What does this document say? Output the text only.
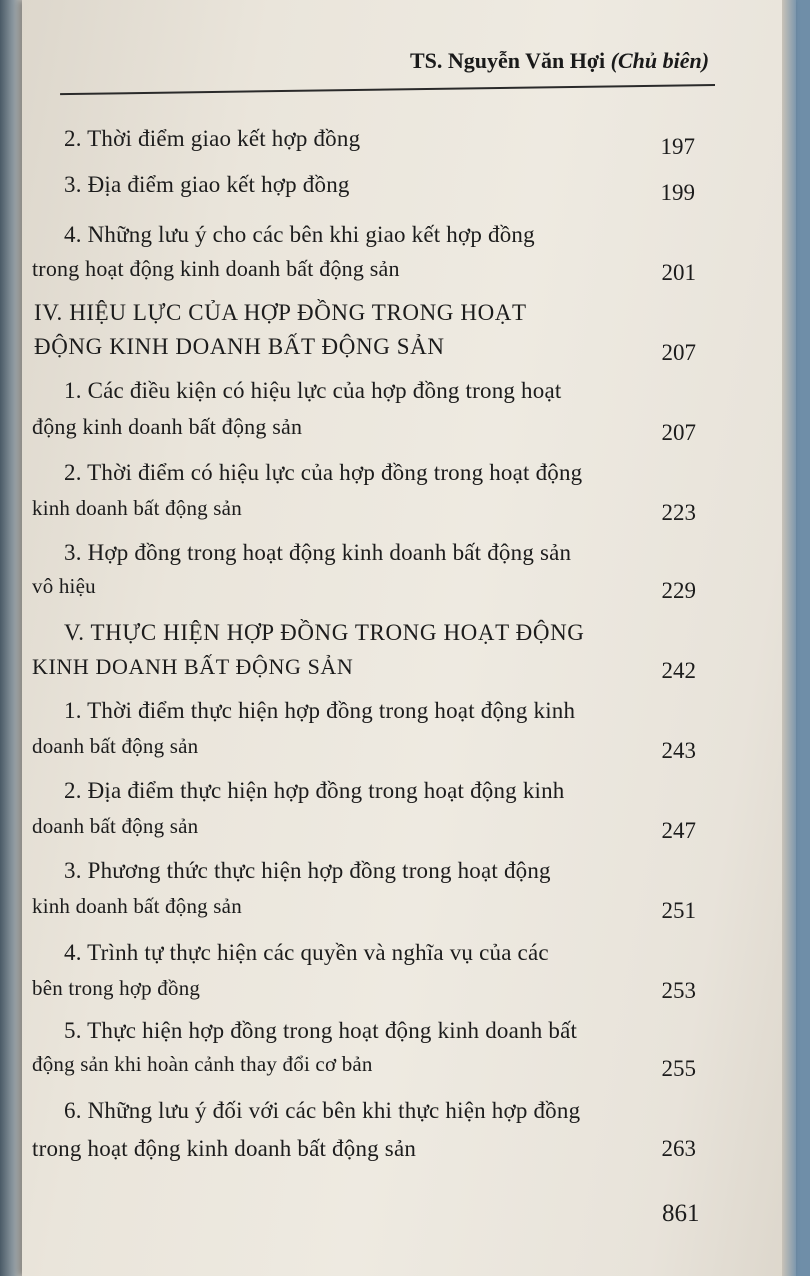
TS. Nguyễn Văn Hợi (Chủ biên)
2. Thời điểm giao kết hợp đồng	197
3. Địa điểm giao kết hợp đồng	199
4. Những lưu ý cho các bên khi giao kết hợp đồng
trong hoạt động kinh doanh bất động sản	201
IV. HIỆU LỰC CỦA HỢP ĐỒNG TRONG HOẠT
ĐỘNG KINH DOANH BẤT ĐỘNG SẢN	207
1. Các điều kiện có hiệu lực của hợp đồng trong hoạt
động kinh doanh bất động sản	207
2. Thời điểm có hiệu lực của hợp đồng trong hoạt động
kinh doanh bất động sản	223
3. Hợp đồng trong hoạt động kinh doanh bất động sản
vô hiệu	229
V. THỰC HIỆN HỢP ĐỒNG TRONG HOẠT ĐỘNG
KINH DOANH BẤT ĐỘNG SẢN	242
1. Thời điểm thực hiện hợp đồng trong hoạt động kinh
doanh bất động sản	243
2. Địa điểm thực hiện hợp đồng trong hoạt động kinh
doanh bất động sản	247
3. Phương thức thực hiện hợp đồng trong hoạt động
kinh doanh bất động sản	251
4. Trình tự thực hiện các quyền và nghĩa vụ của các
bên trong hợp đồng	253
5. Thực hiện hợp đồng trong hoạt động kinh doanh bất
động sản khi hoàn cảnh thay đổi cơ bản	255
6. Những lưu ý đối với các bên khi thực hiện hợp đồng
trong hoạt động kinh doanh bất động sản	263
861
